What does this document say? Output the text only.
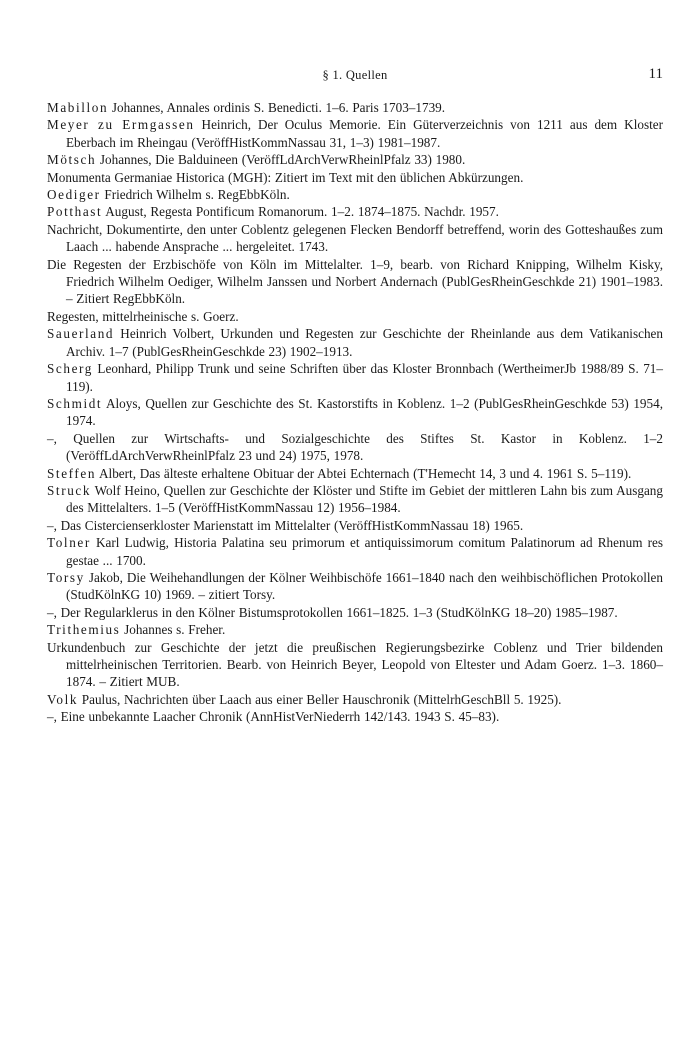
§ 1. Quellen	11
Mabillon Johannes, Annales ordinis S. Benedicti. 1–6. Paris 1703–1739.
Meyer zu Ermgassen Heinrich, Der Oculus Memorie. Ein Güterverzeichnis von 1211 aus dem Kloster Eberbach im Rheingau (VeröffHistKommNassau 31, 1–3) 1981–1987.
Mötsch Johannes, Die Balduineen (VeröffLdArchVerwRheinlPfalz 33) 1980.
Monumenta Germaniae Historica (MGH): Zitiert im Text mit den üblichen Abkürzungen.
Oediger Friedrich Wilhelm s. RegEbbKöln.
Potthast August, Regesta Pontificum Romanorum. 1–2. 1874–1875. Nachdr. 1957.
Nachricht, Dokumentirte, den unter Coblentz gelegenen Flecken Bendorff betreffend, worin des Gotteshaußes zum Laach ... habende Ansprache ... hergeleitet. 1743.
Die Regesten der Erzbischöfe von Köln im Mittelalter. 1–9, bearb. von Richard Knipping, Wilhelm Kisky, Friedrich Wilhelm Oediger, Wilhelm Janssen und Norbert Andernach (PublGesRheinGeschkde 21) 1901–1983. – Zitiert RegEbbKöln.
Regesten, mittelrheinische s. Goerz.
Sauerland Heinrich Volbert, Urkunden und Regesten zur Geschichte der Rheinlande aus dem Vatikanischen Archiv. 1–7 (PublGesRheinGeschkde 23) 1902–1913.
Scherg Leonhard, Philipp Trunk und seine Schriften über das Kloster Bronnbach (WertheimerJb 1988/89 S. 71–119).
Schmidt Aloys, Quellen zur Geschichte des St. Kastorstifts in Koblenz. 1–2 (PublGesRheinGeschkde 53) 1954, 1974.
–, Quellen zur Wirtschafts- und Sozialgeschichte des Stiftes St. Kastor in Koblenz. 1–2 (VeröffLdArchVerwRheinlPfalz 23 und 24) 1975, 1978.
Steffen Albert, Das älteste erhaltene Obituar der Abtei Echternach (T'Hemecht 14, 3 und 4. 1961 S. 5–119).
Struck Wolf Heino, Quellen zur Geschichte der Klöster und Stifte im Gebiet der mittleren Lahn bis zum Ausgang des Mittelalters. 1–5 (VeröffHistKommNassau 12) 1956–1984.
–, Das Cistercienserkloster Marienstatt im Mittelalter (VeröffHistKommNassau 18) 1965.
Tolner Karl Ludwig, Historia Palatina seu primorum et antiquissimorum comitum Palatinorum ad Rhenum res gestae ... 1700.
Torsy Jakob, Die Weihehandlungen der Kölner Weihbischöfe 1661–1840 nach den weihbischöflichen Protokollen (StudKölnKG 10) 1969. – zitiert Torsy.
–, Der Regularklerus in den Kölner Bistumsprotokollen 1661–1825. 1–3 (StudKölnKG 18–20) 1985–1987.
Trithemius Johannes s. Freher.
Urkundenbuch zur Geschichte der jetzt die preußischen Regierungsbezirke Coblenz und Trier bildenden mittelrheinischen Territorien. Bearb. von Heinrich Beyer, Leopold von Eltester und Adam Goerz. 1–3. 1860–1874. – Zitiert MUB.
Volk Paulus, Nachrichten über Laach aus einer Beller Hauschronik (MittelrhGeschBll 5. 1925).
–, Eine unbekannte Laacher Chronik (AnnHistVerNiederrh 142/143. 1943 S. 45–83).
